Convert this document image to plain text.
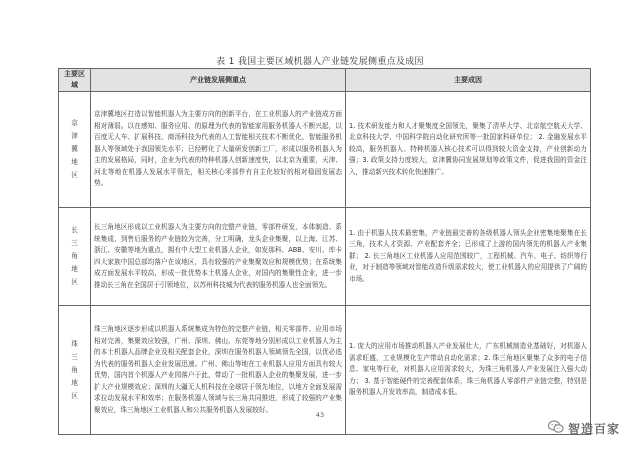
表 1 我国主要区域机器人产业链发展侧重点及成因
主要区域	产业链发展侧重点	主要成因
京津冀地区	京津冀地区打造以智能机器人为主要方向的创新平台，在工业机器人的产业链成方面相对薄弱。以在感知、服务应用、的原理为代表的智能家用服务机器人不断兴起，以百度无人车、扩展科技、商汤科技为代表的人工智能相关技术不断优化，智能服务机器人等领域处于我国领先水平；已经孵化了大量研发创新工厂，形成以服务机器人为主的发展格局，同时，企业为代表的特种机器人创新速度快，以北京为重要，天津、河北等地在机器人发展水平领先，相关核心零部件有自主化较好的相对稳固发展态势。	1. 技术研发能力和人才聚集度全国领先，聚集了清华大学、北京航空航天大学、北京科技大学、中国科学院自动化研究所等一批国家科研单位； 2. 金融发展水平较高，服务机器人、特种机器人核心技术可以得到较大资金支持，产业创新动力强；3. 政策支持力度较大，京津冀协同发展规划等政策文件，促进我国的资金注入，推动新兴技术转化快速推广。
长三角地区	长三角地区形成以工业机器人为主要方向的完整产业链，零部件研发，本体制造、系统集成、到售后服务的产业链较为完善，分工明确，龙头企业集聚，以上海、江苏、浙江、安徽等地为重点，拥有中大型工业机器人企业，如发那科、ABB、安川、库卡四大家族中国总部均落户在该地区，具有较强的产业集聚效应和规模优势；在系统集成方面发展水平较高，形成一批优势本土机器人企业，对国内的集聚性企业，进一步推动长三角在全国居于引领地位，以苏州科技城为代表的服务机器人也全面领先。	1. 由于机器人技术最密集，产业链最完善的各级机器人领头企业密集地聚集在长三角，技术人才资源、产业配套齐全；已形成了上游的国内领先的机器人产业集群； 2. 长三角地区工业机器人应用范围较广，工程机械、汽车、电子、纺织等行业，对于制造等领域对智能改造升级需求较大，使工业机器人的应用提供了广阔的市场。
珠三角地区	珠三角地区逐步形成以机器人系统集成为特色的完整产业链，相关零部件、应用市场相对完善，集聚效应较强，广州、深圳、佛山、东莞等地分别形成以工业机器人为主的本土机器人品牌企业及相关配套企业，深圳在服务机器人领域领先全国，以优必选为代表的服务机器人企业发展迅速。广州、佛山等地在工业机器人应用方面具有较大优势，国内首个机器人产业园落户于此，带动了一批机器人企业的集聚发展，进一步扩大产业规模效应；深圳的大疆无人机科技在全球居于领先地位，以地方全面发展需求拉动发展水平和效率；在服务机器人领域与长三角共同推进，形成了较强的产业集聚效应，珠三角地区工业机器人和公共服务机器人发展较好。	1. 庞大的应用市场推动机器人产业发展壮大，广东机械制造业基础好，对机器人需求旺盛，工业规模化生产带动自动化需求；2. 珠三角地区聚集了众多的电子信息、家电等行业，对机器人应用需求较大，为珠三角机器人产业发展注入强大动力； 3. 基于智能硬件的完善配套体系，珠三角机器人零部件产业链完整，特别是服务机器人开发效率高，制造成本低。
43
智造百家
